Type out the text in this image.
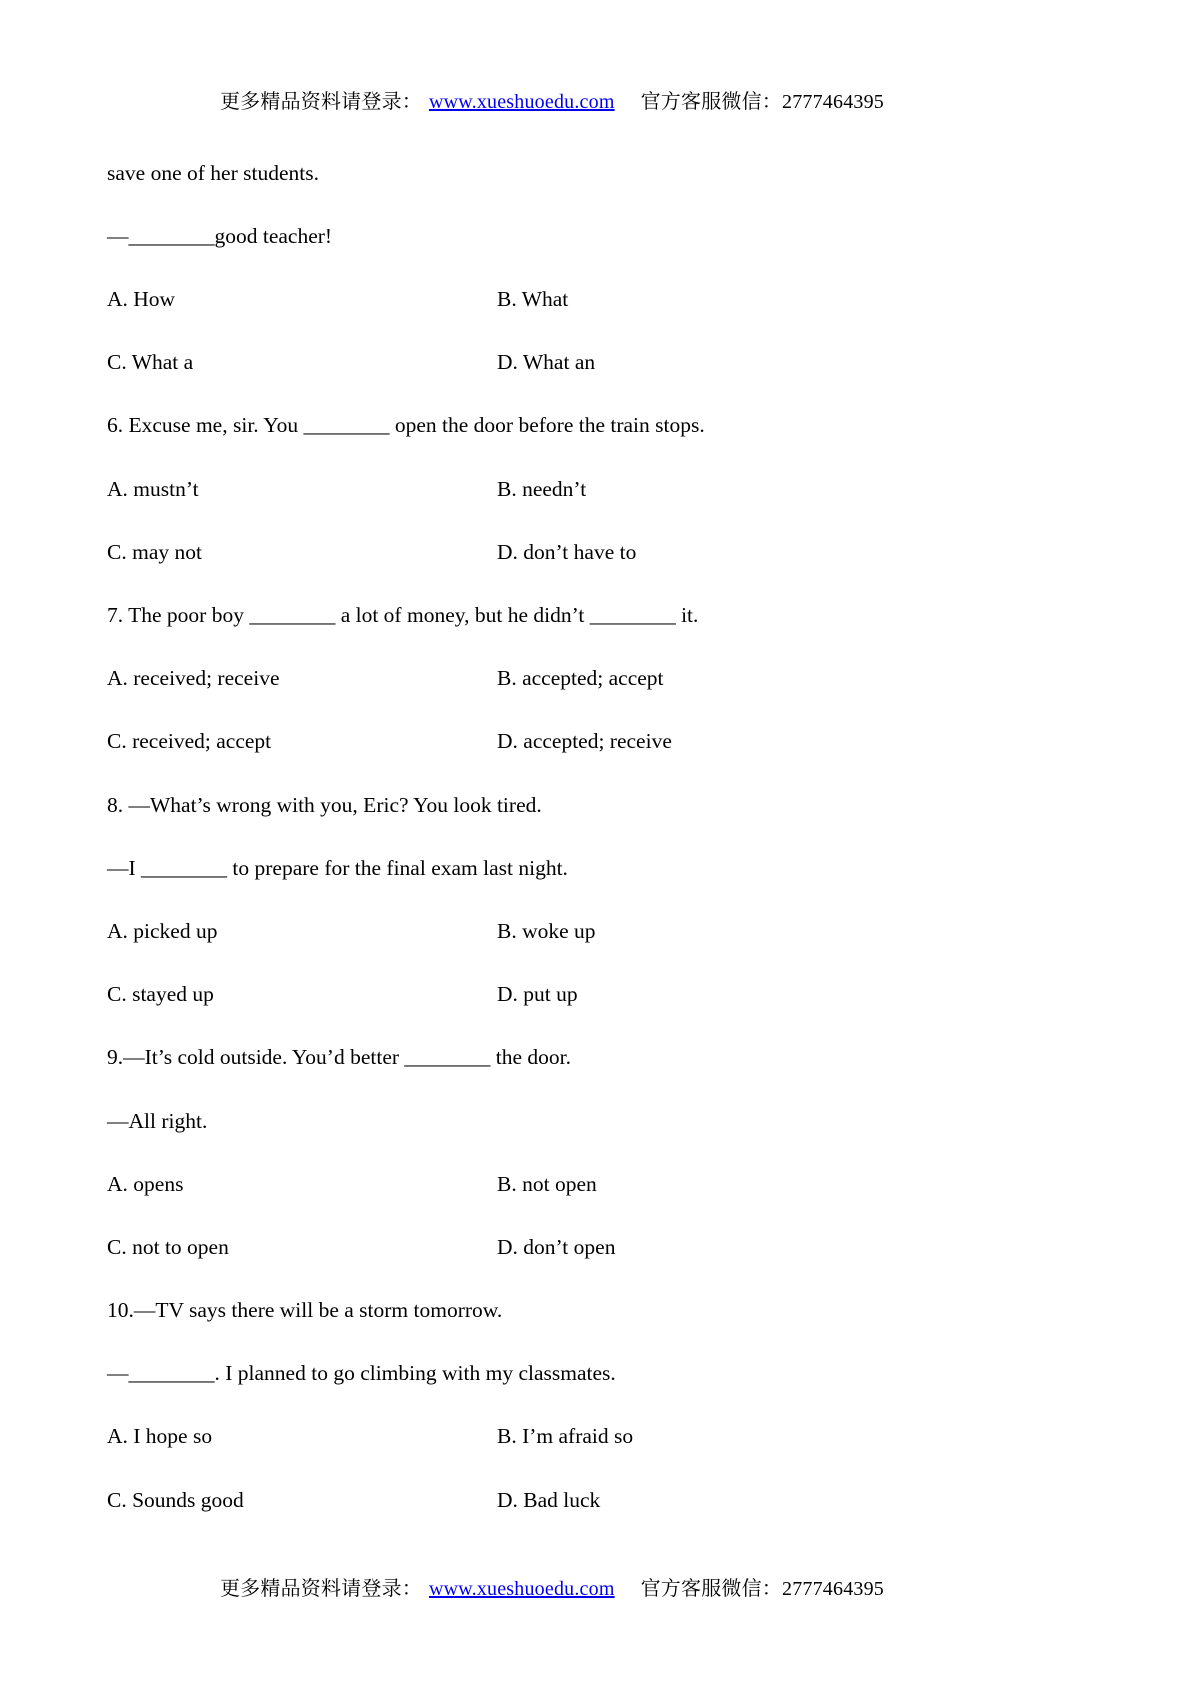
更多精品资料请登录： www.xueshuoedu.com 官方客服微信：2777464395
save one of her students.
—________good teacher!
A. How	B. What
C. What a	D. What an
6. Excuse me, sir. You ________ open the door before the train stops.
A. mustn’t	B. needn’t
C. may not	D. don’t have to
7. The poor boy ________ a lot of money, but he didn’t ________ it.
A. received; receive	B. accepted; accept
C. received; accept	D. accepted; receive
8. —What’s wrong with you, Eric? You look tired.
—I ________ to prepare for the final exam last night.
A. picked up	B. woke up
C. stayed up	D. put up
9.—It’s cold outside. You’d better ________ the door.
—All right.
A. opens	B. not open
C. not to open	D. don’t open
10.—TV says there will be a storm tomorrow.
—________. I planned to go climbing with my classmates.
A. I hope so	B. I’m afraid so
C. Sounds good	D. Bad luck
更多精品资料请登录： www.xueshuoedu.com 官方客服微信：2777464395
